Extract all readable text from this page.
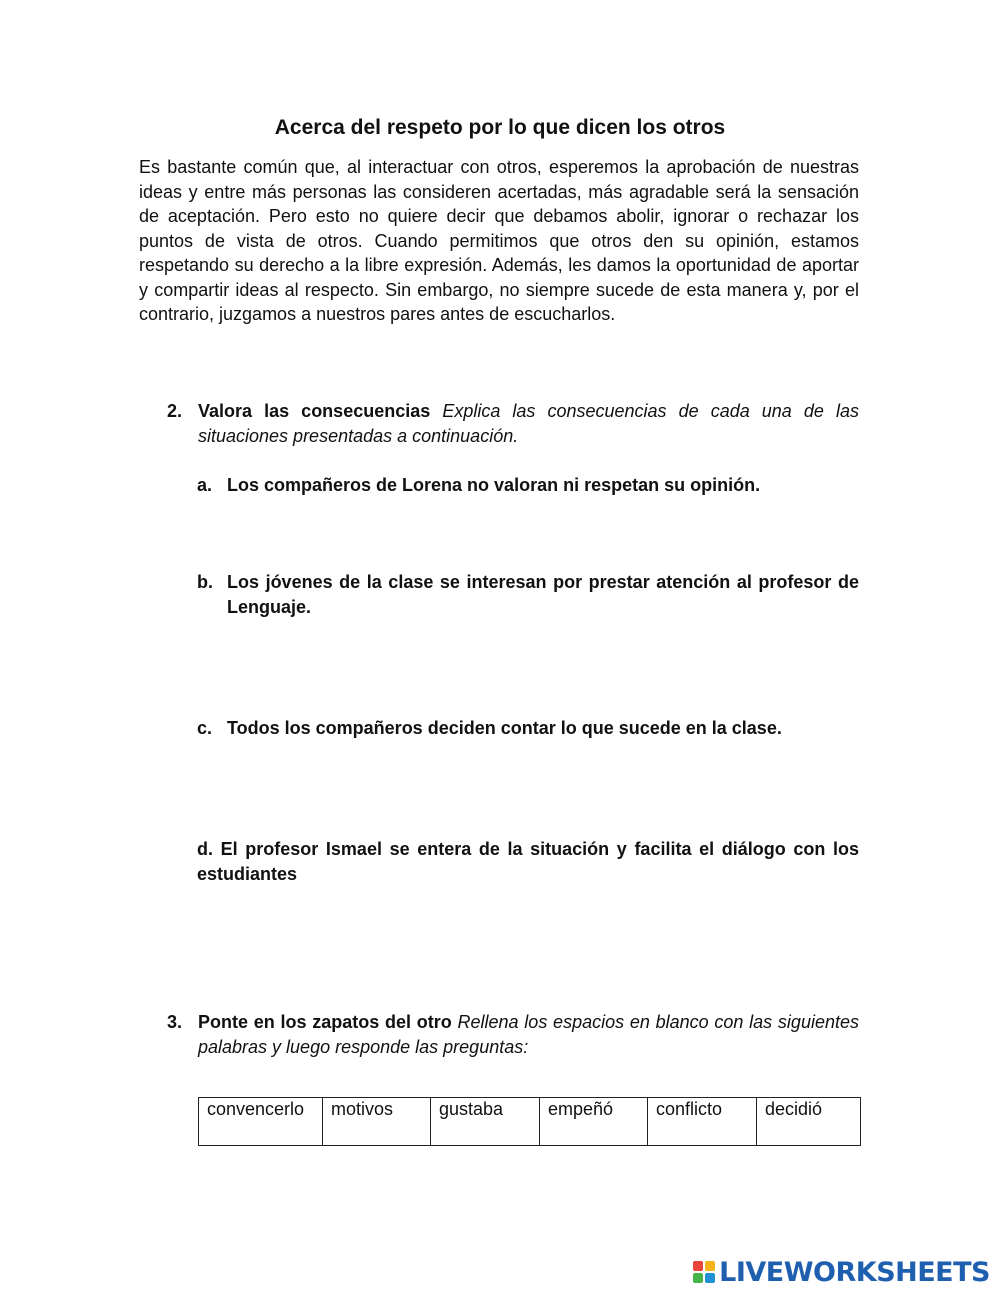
Acerca del respeto por lo que dicen los otros

Es bastante común que, al interactuar con otros, esperemos la aprobación de nuestras ideas y entre más personas las consideren acertadas, más agradable será la sensación de aceptación. Pero esto no quiere decir que debamos abolir, ignorar o rechazar los puntos de vista de otros. Cuando permitimos que otros den su opinión, estamos respetando su derecho a la libre expresión. Además, les damos la oportunidad de aportar y compartir ideas al respecto. Sin embargo, no siempre sucede de esta manera y, por el contrario, juzgamos a nuestros pares antes de escucharlos.

2. Valora las consecuencias Explica las consecuencias de cada una de las situaciones presentadas a continuación.
a. Los compañeros de Lorena no valoran ni respetan su opinión.
b. Los jóvenes de la clase se interesan por prestar atención al profesor de Lenguaje.
c. Todos los compañeros deciden contar lo que sucede en la clase.
d. El profesor Ismael se entera de la situación y facilita el diálogo con los estudiantes
3. Ponte en los zapatos del otro Rellena los espacios en blanco con las siguientes palabras y luego responde las preguntas:
convencerlo	motivos	gustaba	empeñó	conflicto	decidió
LIVEWORKSHEETS
